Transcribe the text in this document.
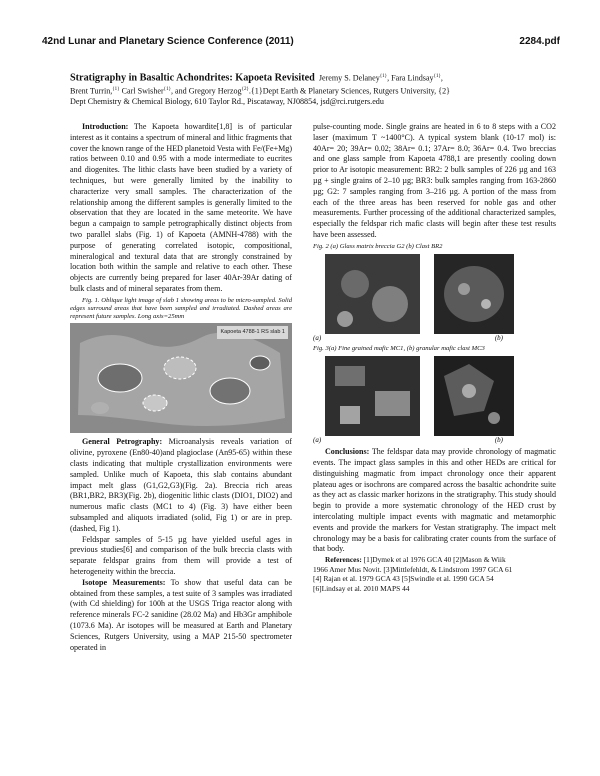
42nd Lunar and Planetary Science Conference (2011)	2284.pdf
Stratigraphy in Basaltic Achondrites: Kapoeta Revisited Jeremy S. Delaney$^{\{1\}}$, Fara Lindsay$^{\{1\}}$,
Brent Turrin,$^{\{1\}}$ Carl Swisher$^{\{1\}}$, and Gregory Herzog$^{\{2\}}$.{1}Dept Earth & Planetary Sciences, Rutgers University, {2}
Dept Chemistry & Chemical Biology, 610 Taylor Rd., Piscataway, NJ08854, jsd@rci.rutgers.edu

Introduction: The Kapoeta howardite[1,8] is of particular interest as it contains a spectrum of mineral and lithic fragments that cover the known range of the HED planetoid Vesta with Fe/(Fe+Mg) ratios between 0.10 and 0.95 with a mode intermediate to eucrites and diogenites. The lithic clasts have been studied by a variety of techniques, but were generally limited by the inability to characterize very small samples. The characterization of the relationship among the different samples is generally limited to the observation that they are located in the same meteorite. We have begun a campaign to sample petrographically distinct objects from two parallel slabs (Fig. 1) of Kapoeta (AMNH-4788) with the purpose of generating correlated isotopic, compositional, mineralogical and textural data that are strongly constrained by location both within the sample and relative to each other. These objects are currently being prepared for laser 40Ar-39Ar dating of bulk clasts and of mineral separates from them.

Fig. 1. Oblique light image of slab 1 showing areas to be micro-sampled. Solid edges surround areas that have been sampled and irradiated. Dashed areas are represent future samples. Long axis=25mm

Kapoeta 4788-1 RS slab 1

General Petrography: Microanalysis reveals variation of olivine, pyroxene (En80-40)and plagioclase (An95-65) within these clasts indicating that multiple crystallization environments were sampled. Unlike much of Kapoeta, this slab contains abundant impact melt glass (G1,G2,G3)(Fig. 2a). Breccia rich areas (BR1,BR2, BR3)(Fig. 2b), diogenitic lithic clasts (DIO1, DIO2) and numerous mafic clasts (MC1 to 4) (Fig. 3) have either been subsampled and aliquots irradiated (solid, Fig 1) or are in prep.(dashed, Fig 1).

Feldspar samples of 5-15 µg have yielded useful ages in previous studies[6] and comparison of the bulk breccia clasts with separate feldspar grains from them will provide a test of heterogeneity within the breccia.

Isotope Measurements: To show that useful data can be obtained from these samples, a test suite of 3 samples was irradiated (with Cd shielding) for 100h at the USGS Triga reactor along with reference minerals FC-2 sanidine (28.02 Ma) and Hb3Gr amphibole (1073.6 Ma). Ar isotopes will be measured at Earth and Planetary Sciences, Rutgers University, using a MAP 215-50 spectrometer operated in

pulse-counting mode. Single grains are heated in 6 to 8 steps with a CO2 laser (maximum T ~1400°C). A typical system blank (10-17 mol) is: 40Ar= 20; 39Ar= 0.02; 38Ar= 0.1; 37Ar= 8.0; 36Ar= 0.4. Two breccias and one glass sample from Kapoeta 4788,1 are presently cooling down prior to Ar isotopic measurement: BR2: 2 bulk samples of 226 µg and 163 µg + single grains of 2–10 µg; BR3: bulk samples ranging from 163-2860 µg; G2: 7 samples ranging from 3–216 µg. A portion of the mass from each of the three areas has been reserved for noble gas and other measurements. Further processing of the additional characterized samples, especially the feldspar rich mafic clasts will begin after these test results have been assessed.

Fig. 2 (a) Glass matrix breccia G2 (b) Clast BR2

(a)	(b)

Fig. 3(a) Fine grained mafic MC1, (b) granular mafic clast MC3

(a)	(b)

Conclusions: The feldspar data may provide chronology of magmatic events. The impact glass samples in this and other HEDs are critical for distinguishing magmatic from impact chronology once their apparent plateau ages or isochrons are compared across the basaltic achondrite suite as they act as classic marker horizons in the stratigraphy. This study should begin to provide a more systematic chronology of the HED crust by intercolating multiple impact events with magmatic and metamorphic events and provide the markers for Vestan stratigraphy. The impact melt chronology may be a basis for calibrating crater counts from the surface of that body.

References: [1]Dymek et al 1976 GCA 40 [2]Mason & Wiik

1966 Amer Mus Novit. [3]Mittlefehldt, & Lindstrom 1997 GCA 61

[4] Rajan et al. 1979 GCA 43 [5]Swindle et al. 1990 GCA 54

[6]Lindsay et al. 2010 MAPS 44
